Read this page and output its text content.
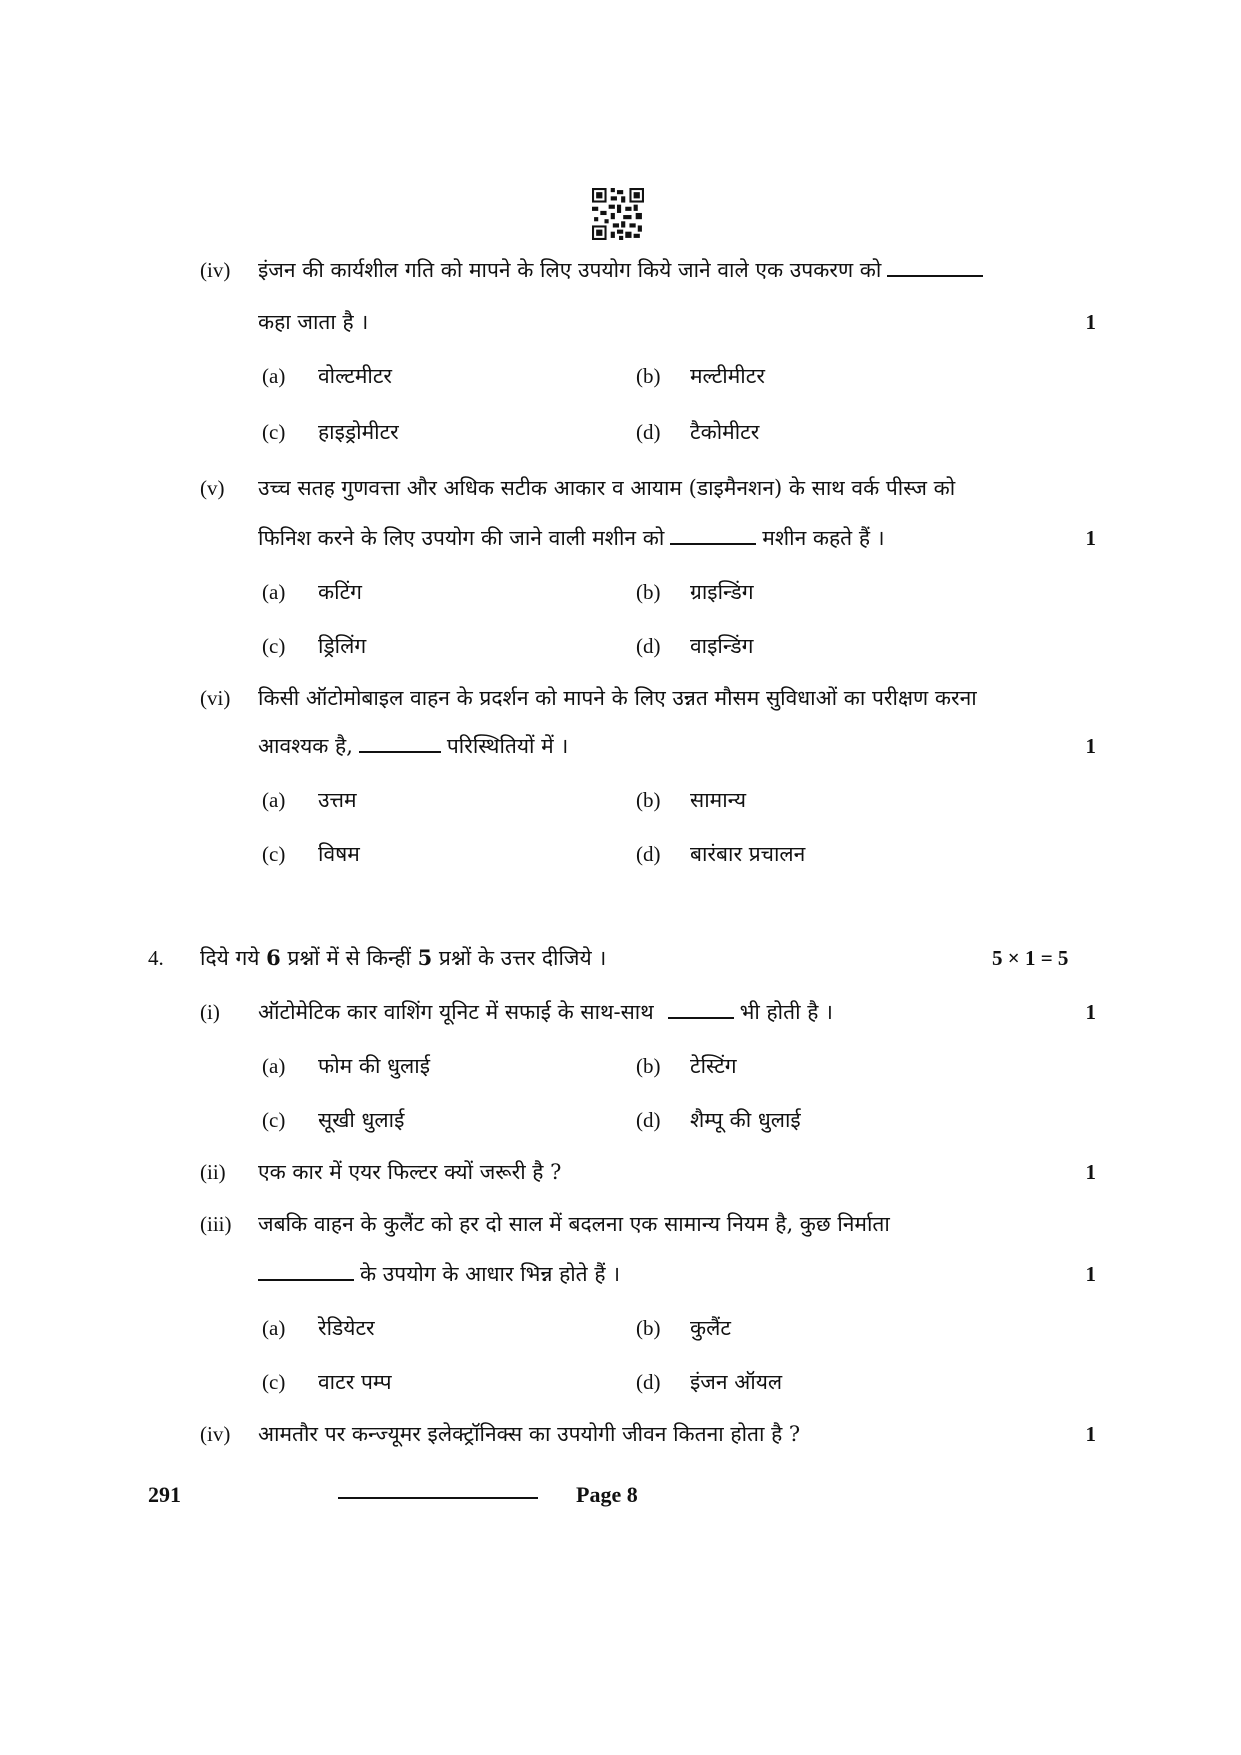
(iv)	इंजन की कार्यशील गति को मापने के लिए उपयोग किये जाने वाले एक उपकरण को
कहा जाता है ।	1
(a) वोल्टमीटर	(b) मल्टीमीटर
(c) हाइड्रोमीटर	(d) टैकोमीटर
(v)	उच्च सतह गुणवत्ता और अधिक सटीक आकार व आयाम (डाइमैनशन) के साथ वर्क पीस्ज को
फिनिश करने के लिए उपयोग की जाने वाली मशीन को	मशीन कहते हैं ।	1
(a) कटिंग	(b) ग्राइन्डिंग
(c) ड्रिलिंग	(d) वाइन्डिंग
(vi)	किसी ऑटोमोबाइल वाहन के प्रदर्शन को मापने के लिए उन्नत मौसम सुविधाओं का परीक्षण करना
आवश्यक है,	परिस्थितियों में ।	1
(a) उत्तम	(b) सामान्य
(c) विषम	(d) बारंबार प्रचालन
4. दिये गये 6 प्रश्नों में से किन्हीं 5 प्रश्नों के उत्तर दीजिये ।	5 × 1 = 5
(i)	ऑटोमेटिक कार वाशिंग यूनिट में सफाई के साथ-साथ	भी होती है ।	1
(a) फोम की धुलाई	(b) टेस्टिंग
(c) सूखी धुलाई	(d) शैम्पू की धुलाई
(ii)	एक कार में एयर फिल्टर क्यों जरूरी है ?	1
(iii)	जबकि वाहन के कुलैंट को हर दो साल में बदलना एक सामान्य नियम है, कुछ निर्माता
के उपयोग के आधार भिन्न होते हैं ।	1
(a) रेडियेटर	(b) कुलैंट
(c) वाटर पम्प	(d) इंजन ऑयल
(iv)	आमतौर पर कन्ज्यूमर इलेक्ट्रॉनिक्स का उपयोगी जीवन कितना होता है ?	1
291	Page 8
